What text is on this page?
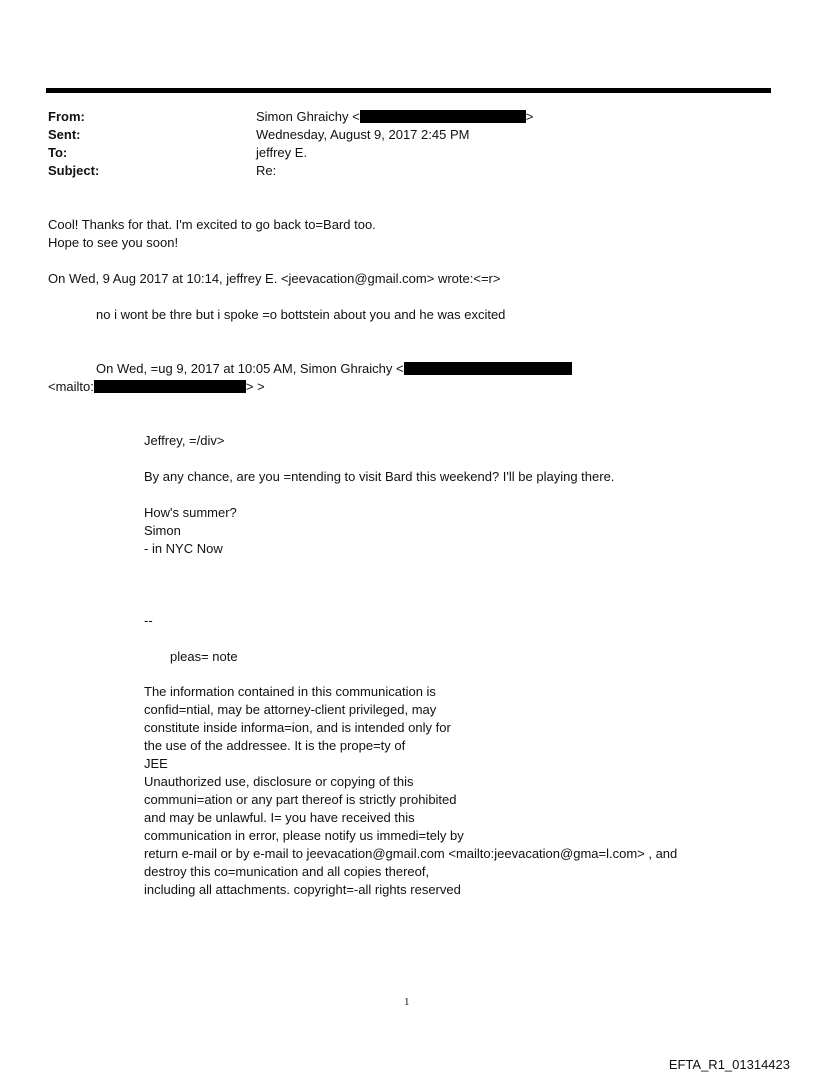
From:
Sent:
To:
Subject:
Simon Ghraichy <	>
Wednesday, August 9, 2017 2:45 PM
jeffrey E.
Re:
Cool! Thanks for that. I'm excited to go back to=Bard too.
Hope to see you soon!
On Wed, 9 Aug 2017 at 10:14, jeffrey E. <jeevacation@gmail.com> wrote:<=r>
no i wont be thre but i spoke =o bottstein about you and he was excited
On Wed, =ug 9, 2017 at 10:05 AM, Simon Ghraichy <
<mailto:	> >
Jeffrey, =/div>
By any chance, are you =ntending to visit Bard this weekend? I'll be playing there.
How's summer?
Simon
- in NYC Now
--
pleas= note
The information contained in this communication is
confid=ntial, may be attorney-client privileged, may
constitute inside informa=ion, and is intended only for
the use of the addressee. It is the prope=ty of
JEE
Unauthorized use, disclosure or copying of this
communi=ation or any part thereof is strictly prohibited
and may be unlawful. I= you have received this
communication in error, please notify us immedi=tely by
return e-mail or by e-mail to jeevacation@gmail.com <mailto:jeevacation@gma=l.com> , and
destroy this co=munication and all copies thereof,
including all attachments. copyright=-all rights reserved
1
EFTA_R1_01314423
